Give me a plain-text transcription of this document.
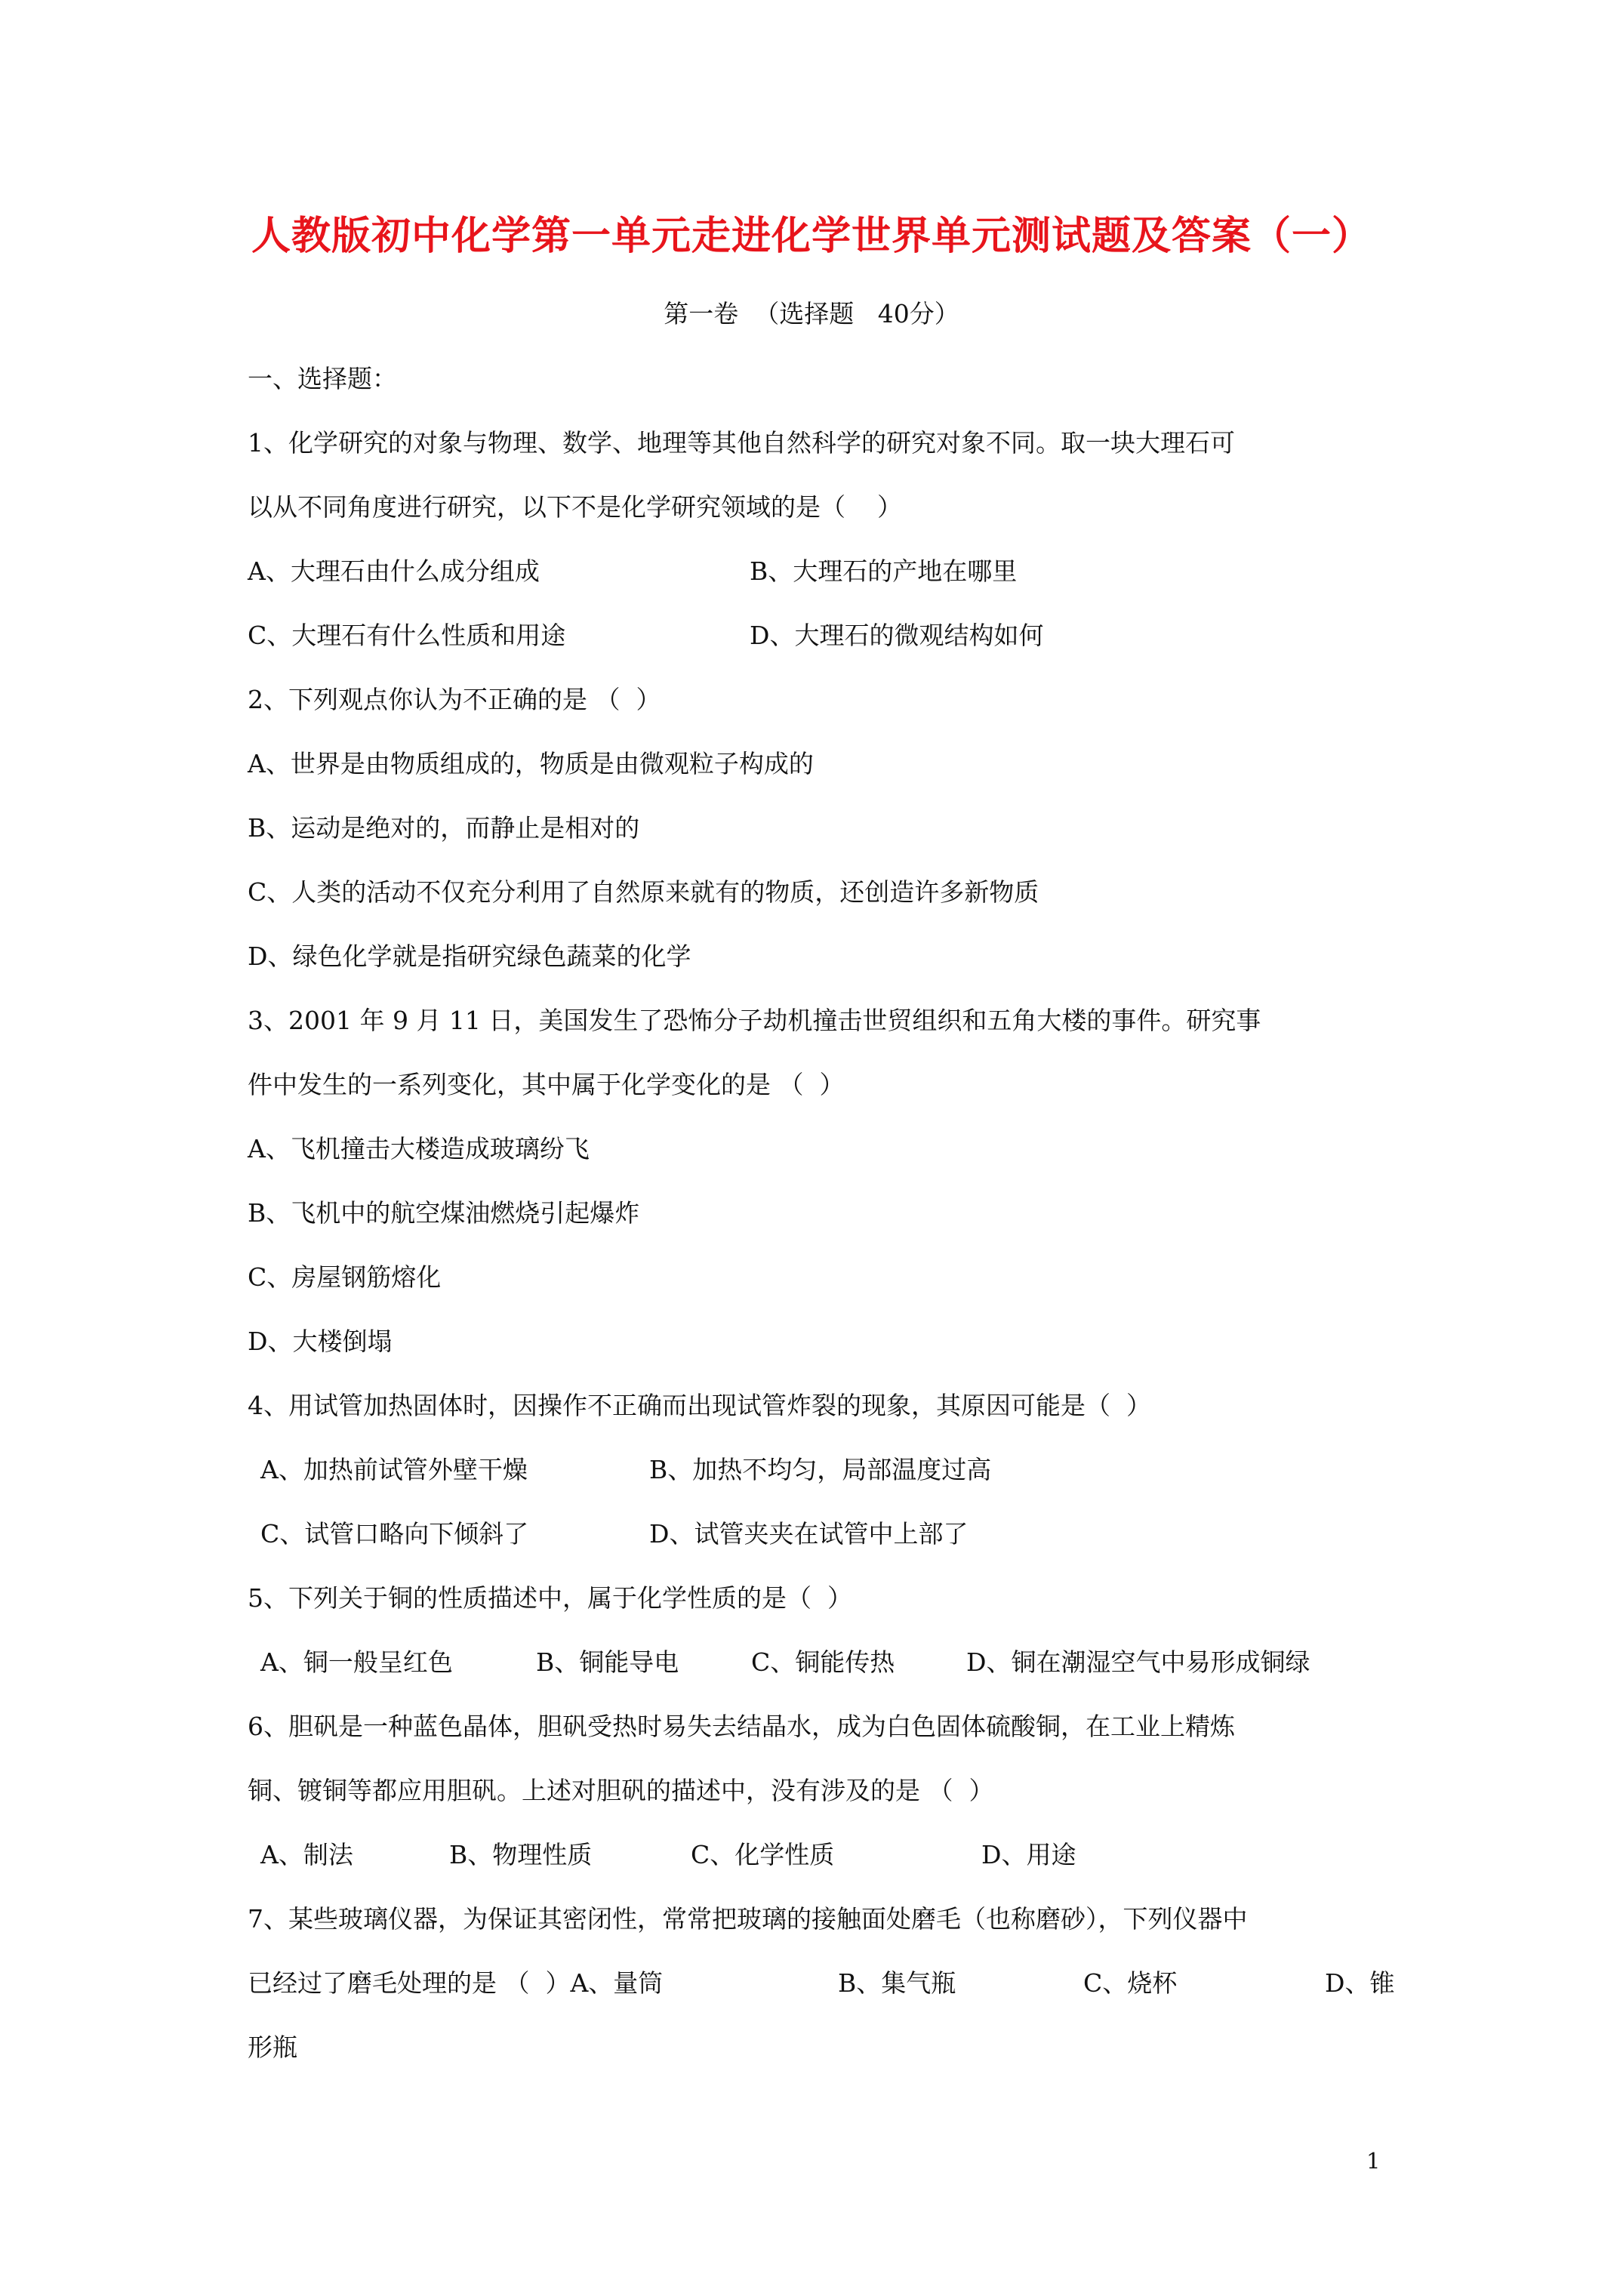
人教版初中化学第一单元走进化学世界单元测试题及答案（一）
第一卷  （选择题   40分）
一、选择题：
1、化学研究的对象与物理、数学、地理等其他自然科学的研究对象不同。取一块大理石可
以从不同角度进行研究，以下不是化学研究领域的是（    ）
A、大理石由什么成分组成	B、大理石的产地在哪里
C、大理石有什么性质和用途	D、大理石的微观结构如何
2、下列观点你认为不正确的是 （  ）
A、世界是由物质组成的，物质是由微观粒子构成的
B、运动是绝对的，而静止是相对的
C、人类的活动不仅充分利用了自然原来就有的物质，还创造许多新物质
D、绿色化学就是指研究绿色蔬菜的化学
3、2001 年 9 月 11 日，美国发生了恐怖分子劫机撞击世贸组织和五角大楼的事件。研究事
件中发生的一系列变化，其中属于化学变化的是 （  ）
A、飞机撞击大楼造成玻璃纷飞
B、飞机中的航空煤油燃烧引起爆炸
C、房屋钢筋熔化
D、大楼倒塌
4、用试管加热固体时，因操作不正确而出现试管炸裂的现象，其原因可能是（  ）
A、加热前试管外壁干燥	B、加热不均匀，局部温度过高
C、试管口略向下倾斜了	D、试管夹夹在试管中上部了
5、下列关于铜的性质描述中，属于化学性质的是（  ）
A、铜一般呈红色	B、铜能导电	C、铜能传热	D、铜在潮湿空气中易形成铜绿
6、胆矾是一种蓝色晶体，胆矾受热时易失去结晶水，成为白色固体硫酸铜，在工业上精炼
铜、镀铜等都应用胆矾。上述对胆矾的描述中，没有涉及的是 （  ）
A、制法	B、物理性质	C、化学性质	D、用途
7、某些玻璃仪器，为保证其密闭性，常常把玻璃的接触面处磨毛（也称磨砂），下列仪器中
已经过了磨毛处理的是 （  ）A、量筒	B、集气瓶	C、烧杯	D、锥
形瓶
1
